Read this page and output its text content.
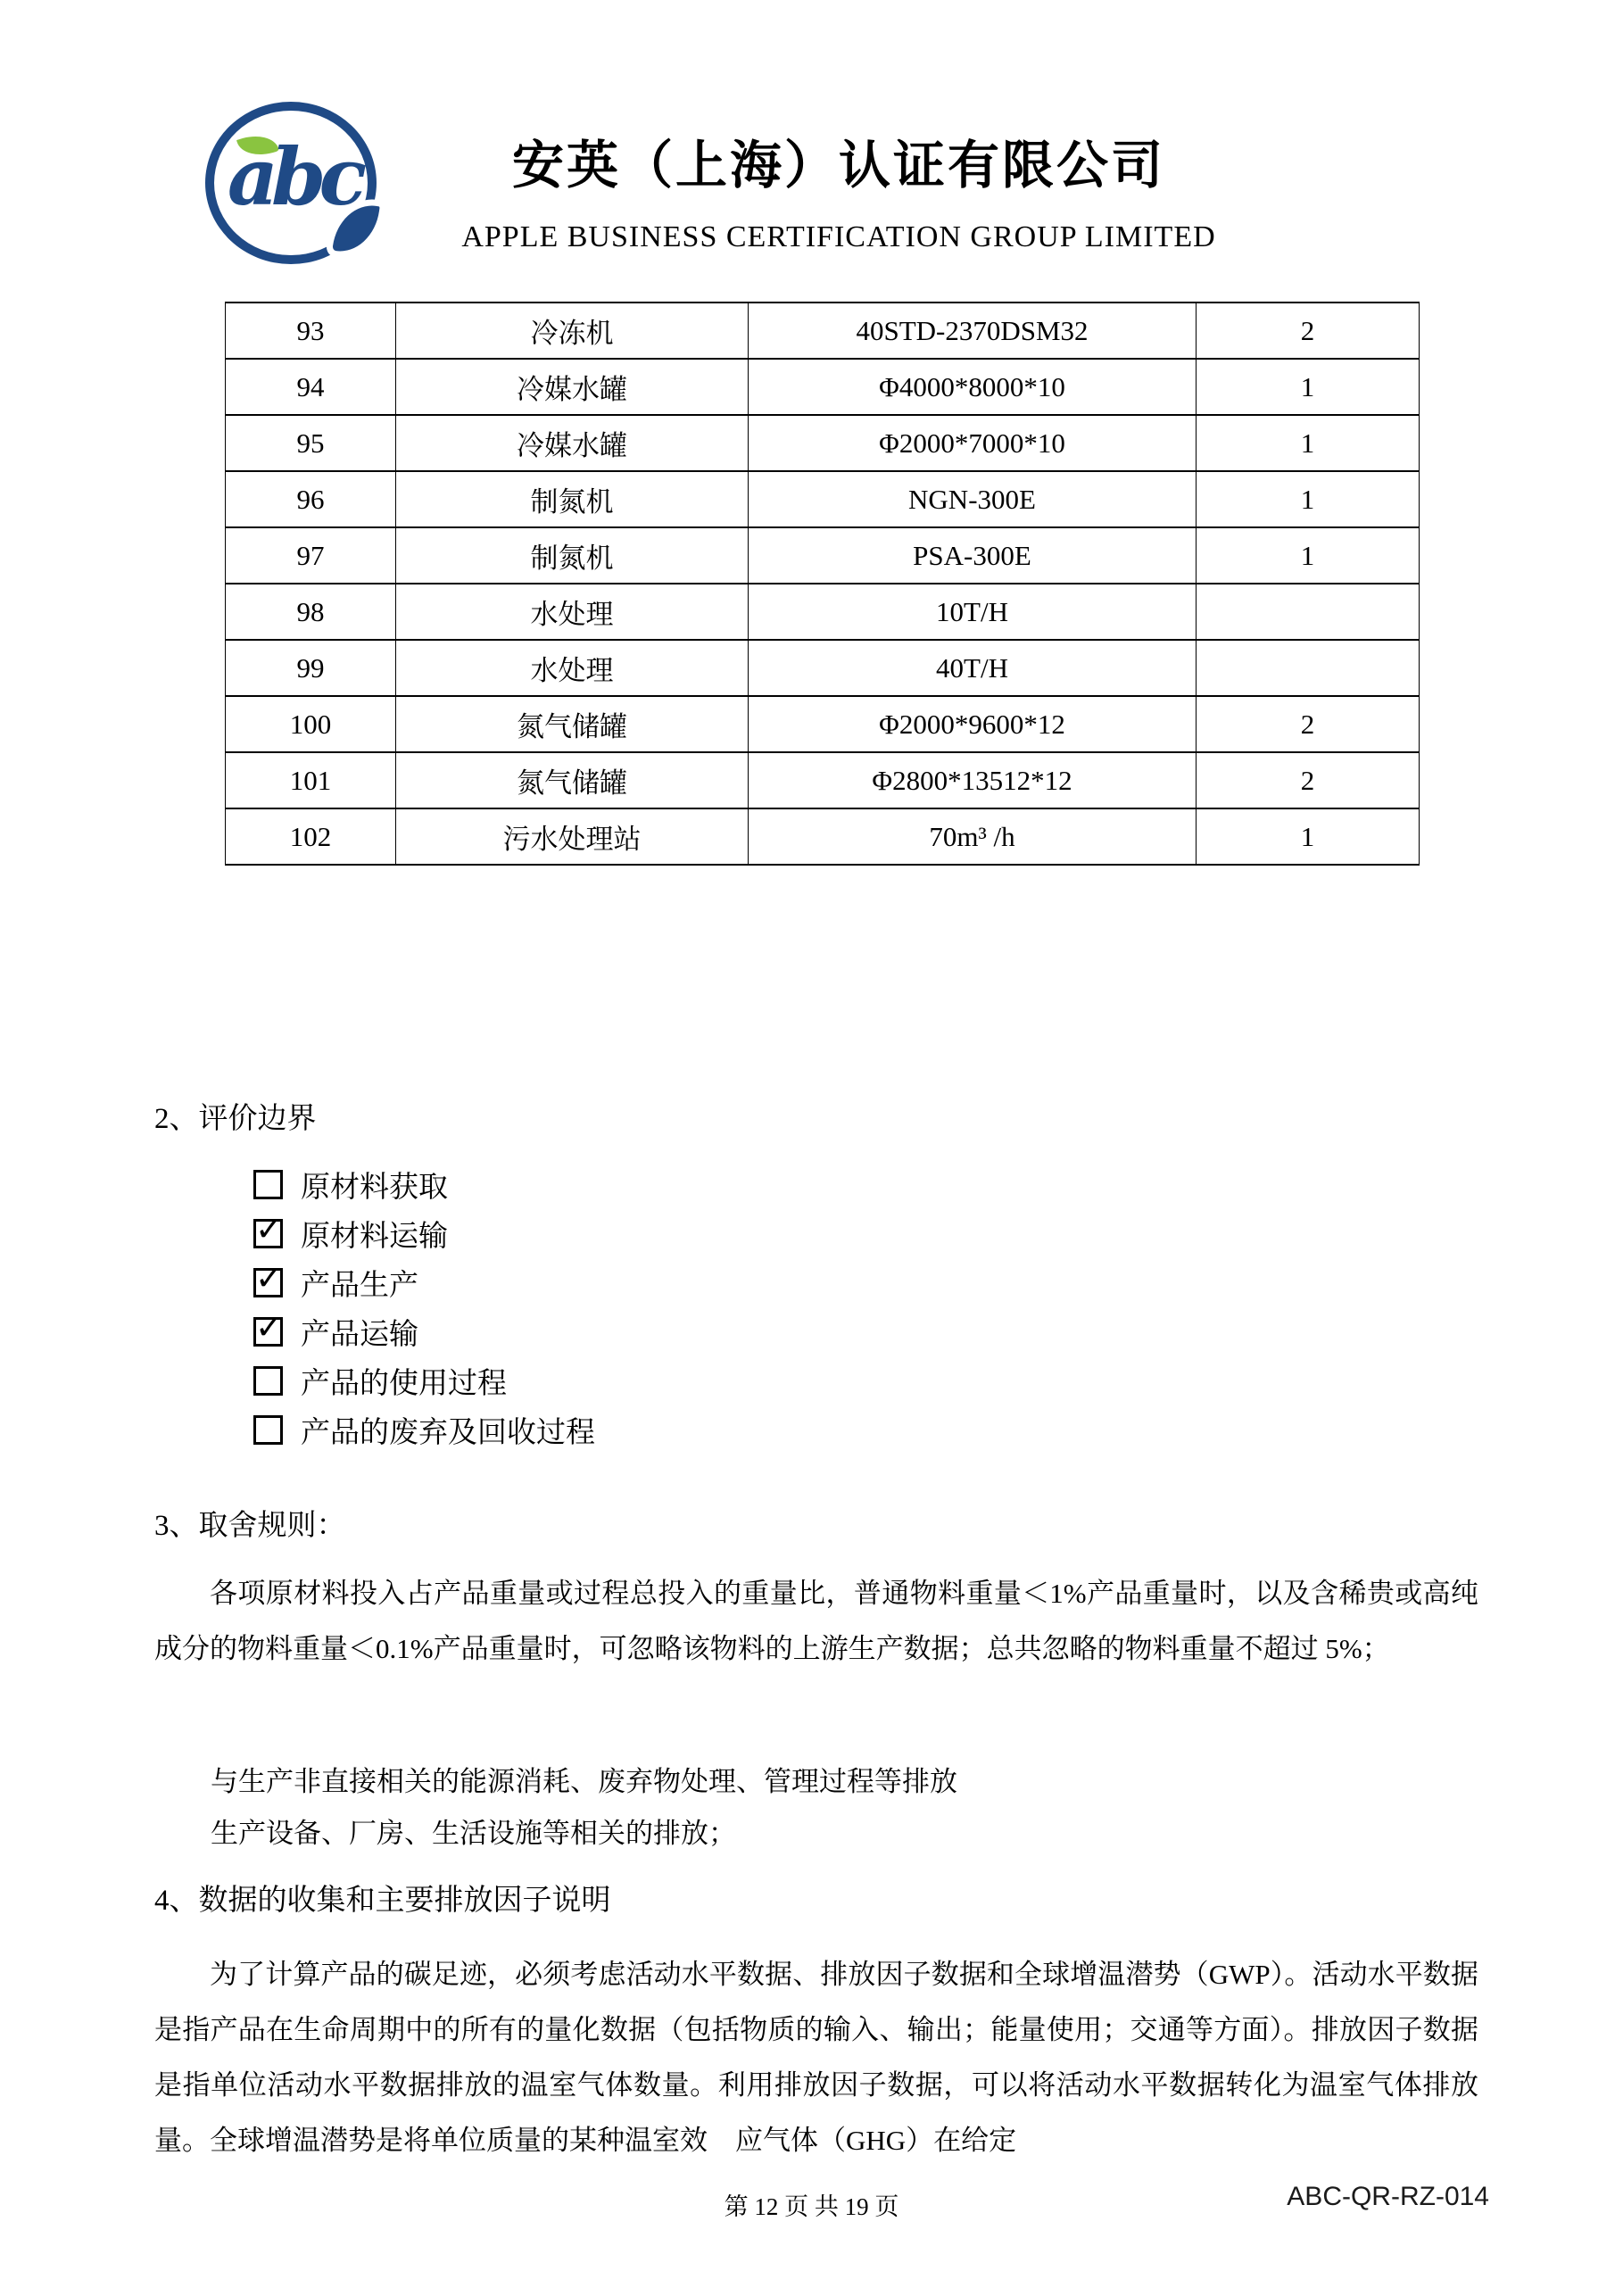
abc	安英（上海）认证有限公司
APPLE BUSINESS CERTIFICATION GROUP LIMITED
93	冷冻机	40STD-2370DSM32	2
94	冷媒水罐	Φ4000*8000*10	1
95	冷媒水罐	Φ2000*7000*10	1
96	制氮机	NGN-300E	1
97	制氮机	PSA-300E	1
98	水处理	10T/H	
99	水处理	40T/H	
100	氮气储罐	Φ2000*9600*12	2
101	氮气储罐	Φ2800*13512*12	2
102	污水处理站	70m³ /h	1
2、评价边界
原材料获取
✓ 原材料运输
✓ 产品生产
✓ 产品运输
产品的使用过程
产品的废弃及回收过程
3、取舍规则：
各项原材料投入占产品重量或过程总投入的重量比，普通物料重量＜1%产品重量时，以及含稀贵或高纯成分的物料重量＜0.1%产品重量时，可忽略该物料的上游生产数据；总共忽略的物料重量不超过 5%；
与生产非直接相关的能源消耗、废弃物处理、管理过程等排放
生产设备、厂房、生活设施等相关的排放；
4、数据的收集和主要排放因子说明
为了计算产品的碳足迹，必须考虑活动水平数据、排放因子数据和全球增温潜势（GWP）。活动水平数据是指产品在生命周期中的所有的量化数据（包括物质的输入、输出；能量使用；交通等方面）。排放因子数据是指单位活动水平数据排放的温室气体数量。利用排放因子数据，可以将活动水平数据转化为温室气体排放量。全球增温潜势是将单位质量的某种温室效　应气体（GHG）在给定
第 12 页 共 19 页	ABC-QR-RZ-014
